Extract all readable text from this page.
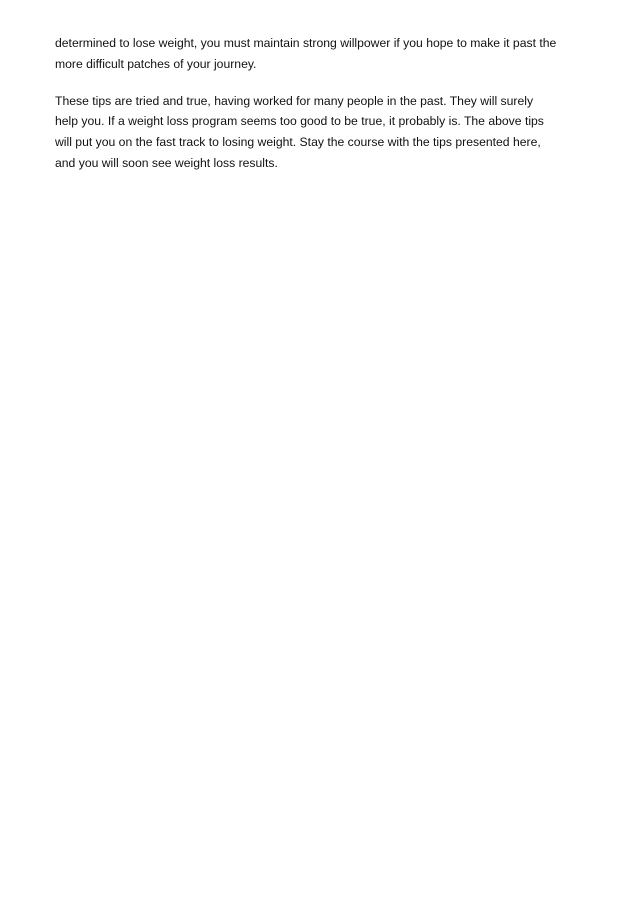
determined to lose weight, you must maintain strong willpower if you hope to make it past the
more difficult patches of your journey.

These tips are tried and true, having worked for many people in the past. They will surely
help you. If a weight loss program seems too good to be true, it probably is. The above tips
will put you on the fast track to losing weight. Stay the course with the tips presented here,
and you will soon see weight loss results.
